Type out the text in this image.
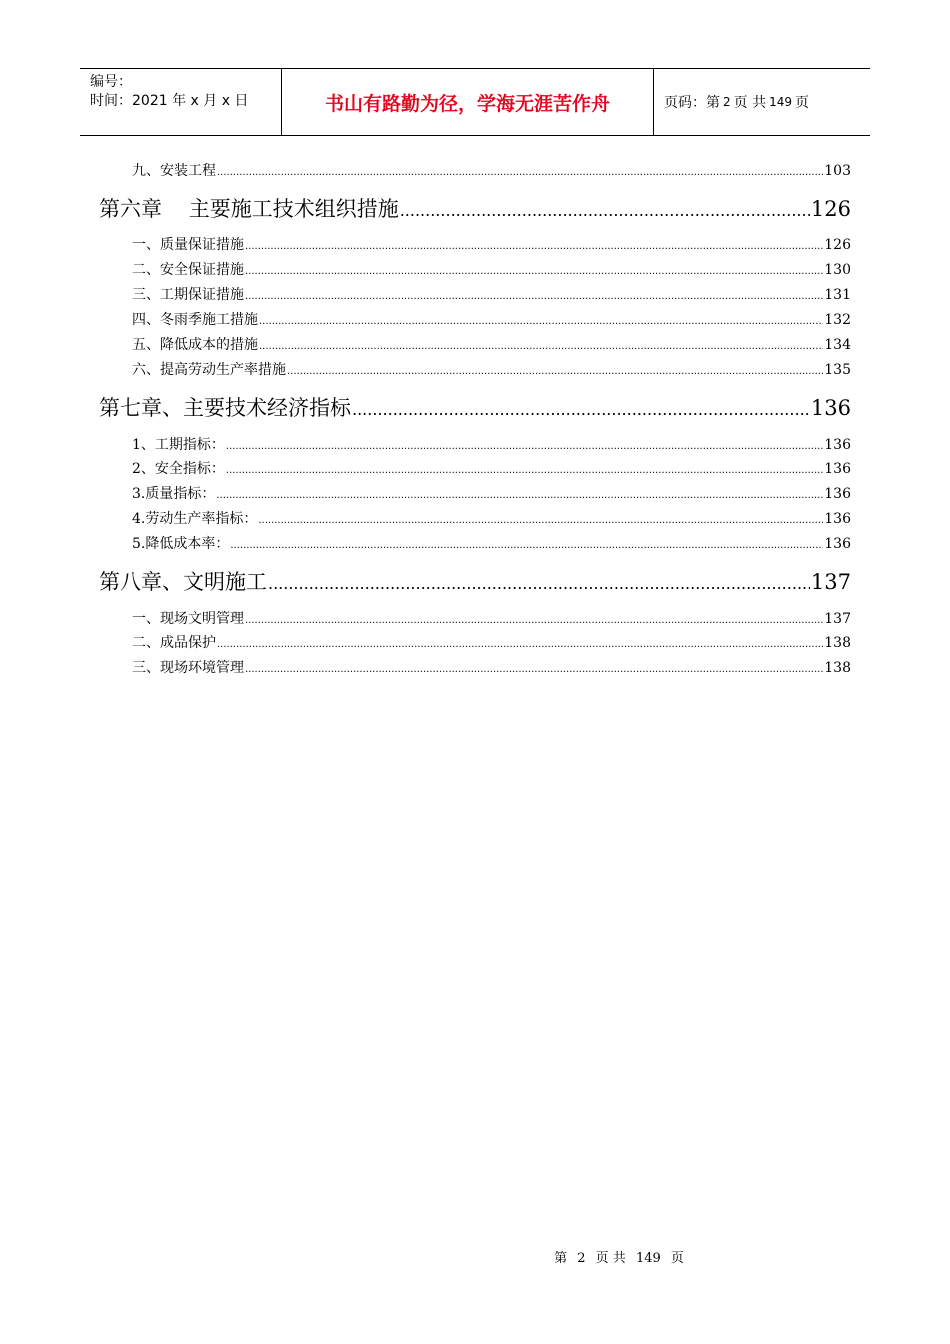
编号：
时间：2021 年 x 月 x 日	书山有路勤为径，学海无涯苦作舟	页码：第 2 页 共 149 页
九、安装工程 .....	103
第六章    主要施工技术组织措施 .....	126
一、质量保证措施 .....	126
二、安全保证措施 .....	130
三、工期保证措施 .....	131
四、冬雨季施工措施 .....	132
五、降低成本的措施 .....	134
六、提高劳动生产率措施 .....	135
第七章、主要技术经济指标 .....	136
1、工期指标： .....	136
2、安全指标： .....	136
3.质量指标： .....	136
4.劳动生产率指标： .....	136
5.降低成本率： .....	136
第八章、文明施工 .....	137
一、现场文明管理 .....	137
二、成品保护 .....	138
三、现场环境管理 .....	138
第 2 页 共 149 页
